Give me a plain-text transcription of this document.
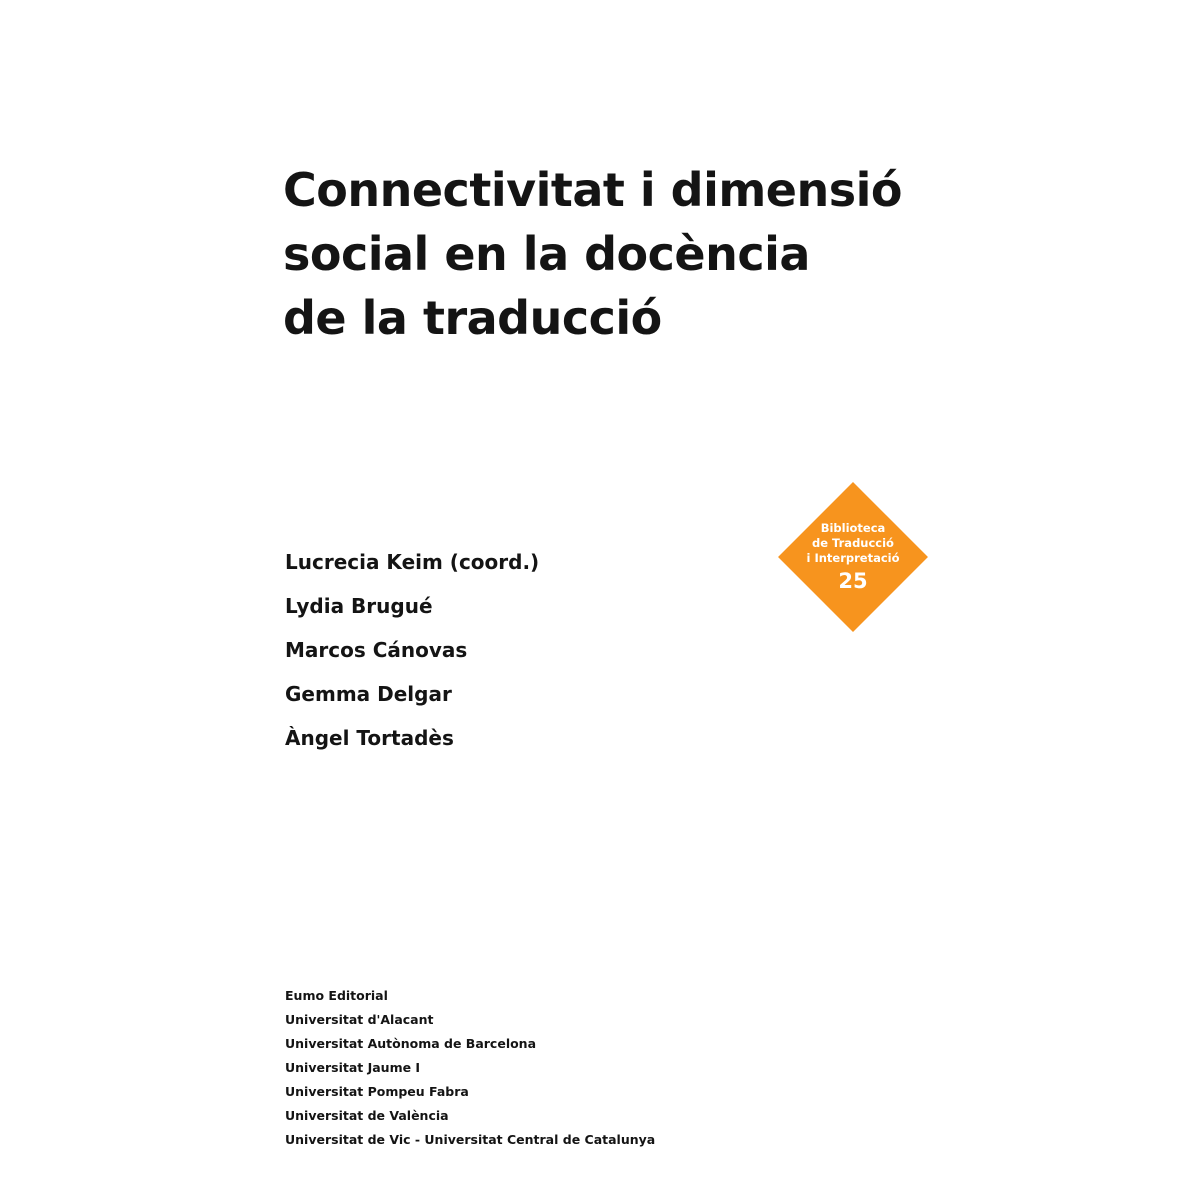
Connectivitat i dimensió
social en la docència
de la traducció
Biblioteca
de Traducció
i Interpretació
25
Lucrecia Keim (coord.)
Lydia Brugué
Marcos Cánovas
Gemma Delgar
Àngel Tortadès
Eumo Editorial
Universitat d'Alacant
Universitat Autònoma de Barcelona
Universitat Jaume I
Universitat Pompeu Fabra
Universitat de València
Universitat de Vic - Universitat Central de Catalunya
